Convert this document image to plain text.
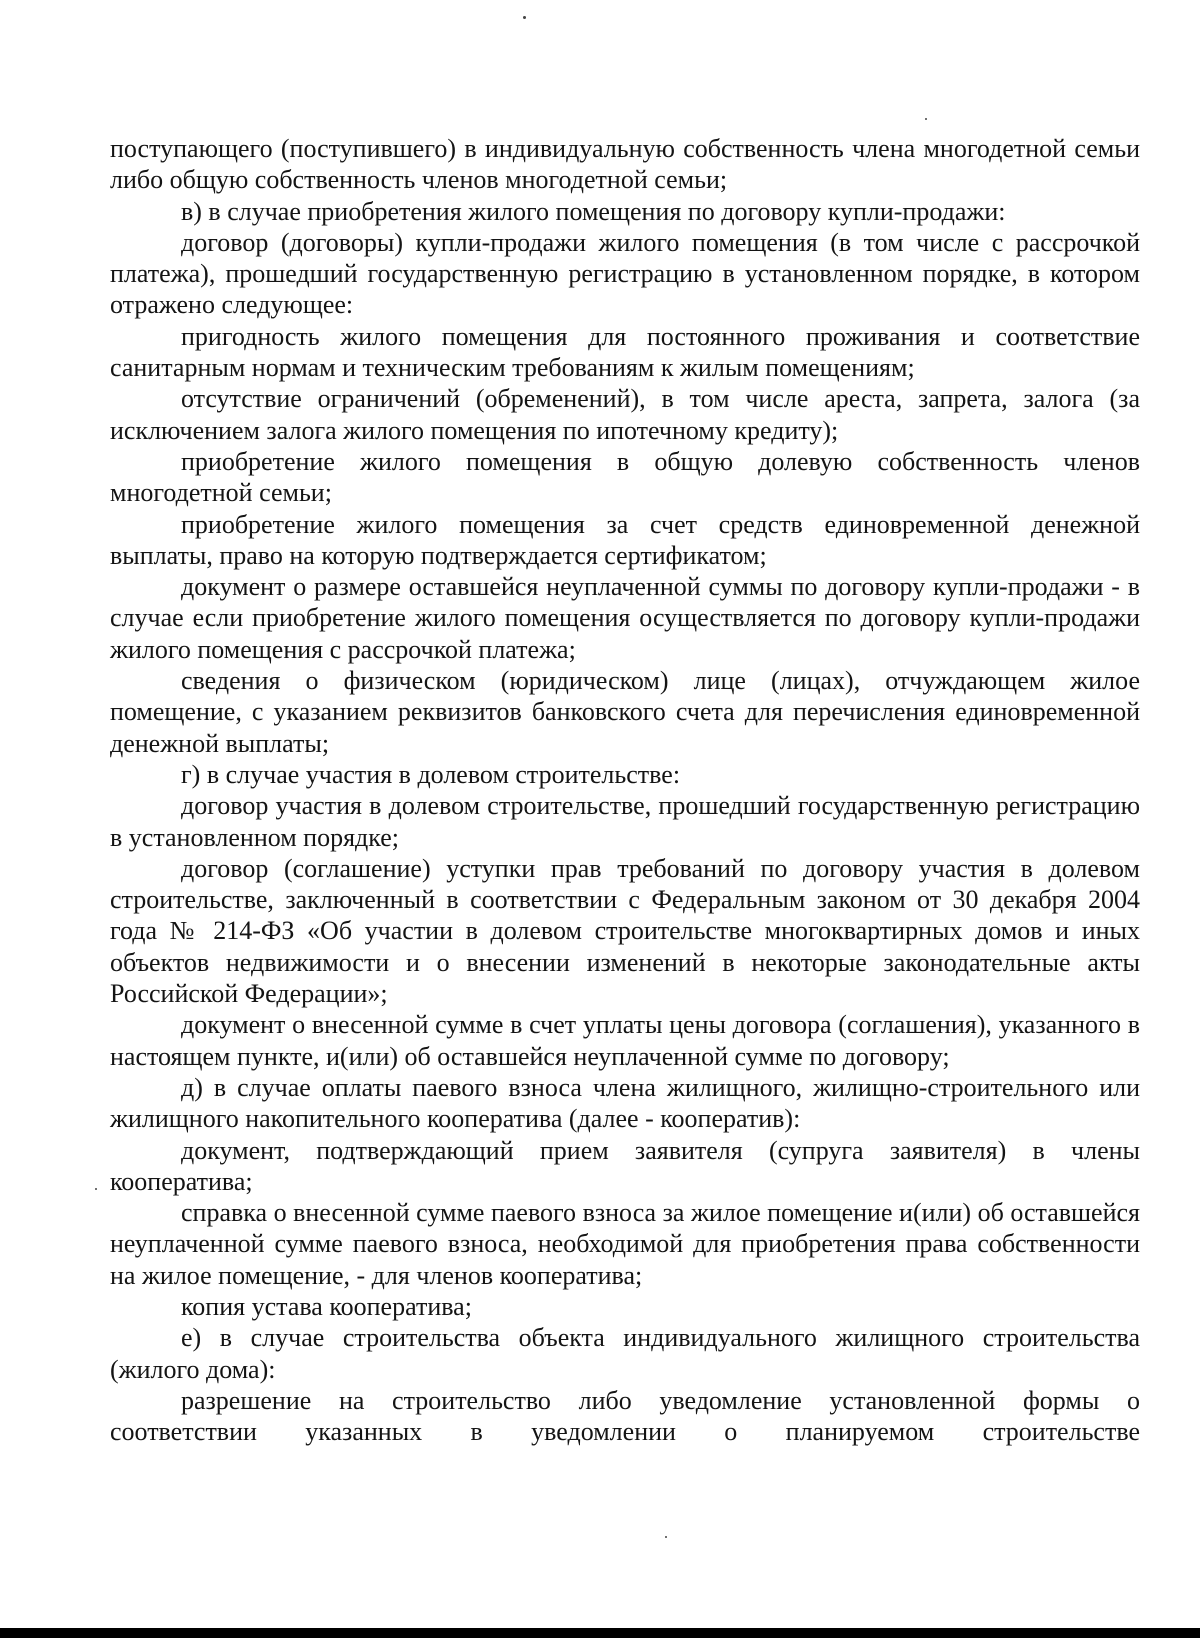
поступающего (поступившего) в индивидуальную собственность члена многодетной семьи либо общую собственность членов многодетной семьи;

в) в случае приобретения жилого помещения по договору купли-продажи:

договор (договоры) купли-продажи жилого помещения (в том числе с рассрочкой платежа), прошедший государственную регистрацию в установленном порядке, в котором отражено следующее:

пригодность жилого помещения для постоянного проживания и соответствие санитарным нормам и техническим требованиям к жилым помещениям;

отсутствие ограничений (обременений), в том числе ареста, запрета, залога (за исключением залога жилого помещения по ипотечному кредиту);

приобретение жилого помещения в общую долевую собственность членов многодетной семьи;

приобретение жилого помещения за счет средств единовременной денежной выплаты, право на которую подтверждается сертификатом;

документ о размере оставшейся неуплаченной суммы по договору купли-продажи - в случае если приобретение жилого помещения осуществляется по договору купли-продажи жилого помещения с рассрочкой платежа;

сведения о физическом (юридическом) лице (лицах), отчуждающем жилое помещение, с указанием реквизитов банковского счета для перечисления единовременной денежной выплаты;

г) в случае участия в долевом строительстве:

договор участия в долевом строительстве, прошедший государственную регистрацию в установленном порядке;

договор (соглашение) уступки прав требований по договору участия в долевом строительстве, заключенный в соответствии с Федеральным законом от 30 декабря 2004 года № 214-ФЗ «Об участии в долевом строительстве многоквартирных домов и иных объектов недвижимости и о внесении изменений в некоторые законодательные акты Российской Федерации»;

документ о внесенной сумме в счет уплаты цены договора (соглашения), указанного в настоящем пункте, и(или) об оставшейся неуплаченной сумме по договору;

д) в случае оплаты паевого взноса члена жилищного, жилищно-строительного или жилищного накопительного кооператива (далее - кооператив):

документ, подтверждающий прием заявителя (супруга заявителя) в члены кооператива;

справка о внесенной сумме паевого взноса за жилое помещение и(или) об оставшейся неуплаченной сумме паевого взноса, необходимой для приобретения права собственности на жилое помещение, - для членов кооператива;

копия устава кооператива;

е) в случае строительства объекта индивидуального жилищного строительства (жилого дома):

разрешение на строительство либо уведомление установленной формы о соответствии указанных в уведомлении о планируемом строительстве
